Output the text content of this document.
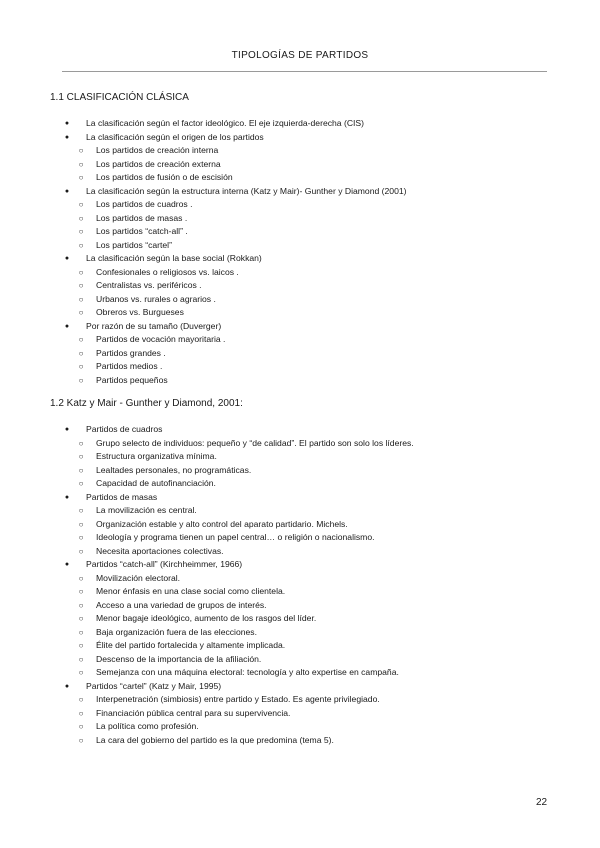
TIPOLOGÍAS DE PARTIDOS
1.1 CLASIFICACIÓN CLÁSICA
●	La clasificación según el factor ideológico. El eje izquierda-derecha (CIS)
●	La clasificación según el origen de los partidos
○ Los partidos de creación interna
○ Los partidos de creación externa
○ Los partidos de fusión o de escisión
●	La clasificación según la estructura interna (Katz y Mair)- Gunther y Diamond (2001)
○ Los partidos de cuadros .
○ Los partidos de masas .
○ Los partidos “catch-all” .
○ Los partidos “cartel”
●	La clasificación según la base social (Rokkan)
○ Confesionales o religiosos vs. laicos .
○ Centralistas vs. periféricos .
○ Urbanos vs. rurales o agrarios .
○ Obreros vs. Burgueses
●	Por razón de su tamaño (Duverger)
○ Partidos de vocación mayoritaria .
○ Partidos grandes .
○ Partidos medios .
○ Partidos pequeños
1.2 Katz y Mair - Gunther y Diamond, 2001:
●	Partidos de cuadros
○ Grupo selecto de individuos: pequeño y “de calidad”. El partido son solo los líderes.
○ Estructura organizativa mínima.
○ Lealtades personales, no programáticas.
○ Capacidad de autofinanciación.
●	Partidos de masas
○ La movilización es central.
○ Organización estable y alto control del aparato partidario. Michels.
○ Ideología y programa tienen un papel central… o religión o nacionalismo.
○ Necesita aportaciones colectivas.
●	Partidos “catch-all” (Kirchheimmer, 1966)
○ Movilización electoral.
○ Menor énfasis en una clase social como clientela.
○ Acceso a una variedad de grupos de interés.
○ Menor bagaje ideológico, aumento de los rasgos del líder.
○ Baja organización fuera de las elecciones.
○ Élite del partido fortalecida y altamente implicada.
○ Descenso de la importancia de la afiliación.
○ Semejanza con una máquina electoral: tecnología y alto expertise en campaña.
●	Partidos “cartel” (Katz y Mair, 1995)
○ Interpenetración (simbiosis) entre partido y Estado. Es agente privilegiado.
○ Financiación pública central para su supervivencia.
○ La política como profesión.
○ La cara del gobierno del partido es la que predomina (tema 5).
22
